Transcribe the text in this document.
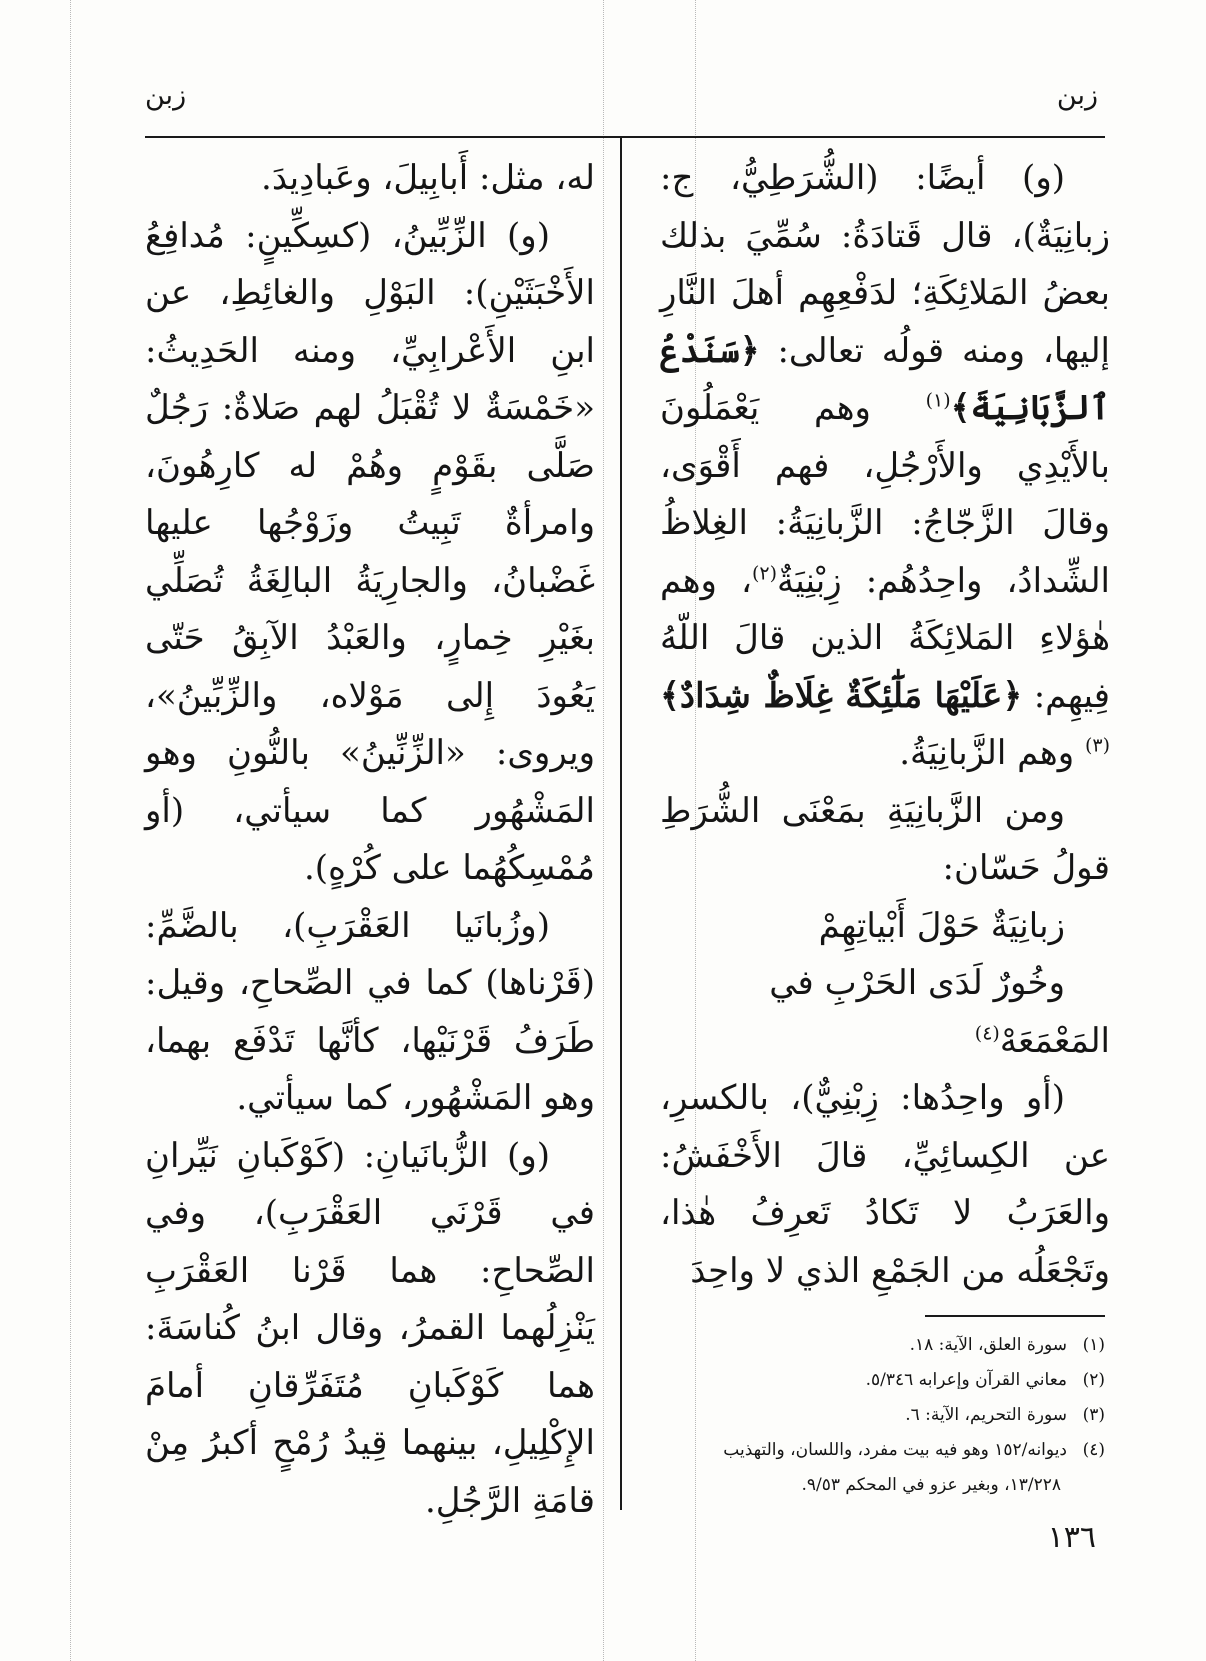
زبن
زبن

(و) أيضًا: (الشُّرَطِيُّ، ج: زبانِيَةٌ)، قال قَتادَةُ: سُمِّيَ بذلك بعضُ المَلائِكَةِ؛ لدَفْعِهِم أهلَ النَّارِ إليها، ومنه قولُه تعالى: ﴿سَنَدْعُ ٱلزَّبَانِيَةَ﴾$^{(١)}$ وهم يَعْمَلُونَ بالأَيْدِي والأَرْجُلِ، فهم أَقْوَى، وقالَ الزَّجّاجُ: الزَّبانِيَةُ: الغِلاظُ الشِّدادُ، واحِدُهُم: زِبْنِيَةٌ$^{(٢)}$، وهم هٰؤلاءِ المَلائِكَةُ الذين قالَ اللّهُ فِيهِم: ﴿عَلَيْهَا مَلَٰٓئِكَةٌ غِلَاظٌ شِدَادٌ﴾$^{(٣)}$ وهم الزَّبانِيَةُ.

ومن الزَّبانِيَةِ بمَعْنَى الشُّرَطِ قولُ حَسّان:

زبانِيَةٌ حَوْلَ أَبْياتِهِمْ

وخُورٌ لَدَى الحَرْبِ في المَعْمَعَهْ$^{(٤)}$

(أو واحِدُها: زِبْنِيٌّ)، بالكسرِ، عن الكِسائِيِّ، قالَ الأَخْفَشُ: والعَرَبُ لا تَكادُ تَعرِفُ هٰذا، وتَجْعَلُه من الجَمْعِ الذي لا واحِدَ

له، مثل: أَبابِيلَ، وعَبادِيدَ.

(و) الزِّبِّينُ، (كسِكِّينٍ: مُدافِعُ الأَخْبَثَيْنِ): البَوْلِ والغائِطِ، عن ابنِ الأَعْرابِيِّ، ومنه الحَدِيثُ: «خَمْسَةٌ لا تُقْبَلُ لهم صَلاةٌ: رَجُلٌ صَلَّى بقَوْمٍ وهُمْ له كارِهُونَ، وامرأةٌ تَبِيتُ وزَوْجُها عليها غَضْبانُ، والجارِيَةُ البالِغَةُ تُصَلِّي بغَيْرِ خِمارٍ، والعَبْدُ الآبِقُ حَتّى يَعُودَ إِلى مَوْلاه، والزِّبِّينُ»، ويروى: «الزِّنِّينُ» بالنُّونِ وهو المَشْهُور كما سيأتي، (أو مُمْسِكُهُما على كُرْهٍ).

(وزُبانَيا العَقْرَبِ)، بالضَّمِّ: (قَرْناها) كما في الصِّحاحِ، وقيل: طَرَفُ قَرْنَيْها، كأنَّها تَدْفَع بهما، وهو المَشْهُور، كما سيأتي.

(و) الزُّبانَيانِ: (كَوْكَبانِ نَيِّرانِ في قَرْنَي العَقْرَبِ)، وفي الصِّحاحِ: هما قَرْنا العَقْرَبِ يَنْزِلُهما القمرُ، وقال ابنُ كُناسَةَ: هما كَوْكَبانِ مُتَفَرِّقانِ أمامَ الإِكْلِيلِ، بينهما قِيدُ رُمْحٍ أكبرُ مِنْ قامَةِ الرَّجُلِ.

(١)سورة العلق، الآية: ١٨.
(٢)معاني القرآن وإعرابه ٥/٣٤٦.
(٣)سورة التحريم، الآية: ٦.
(٤)ديوانه/١٥٢ وهو فيه بيت مفرد، واللسان، والتهذيب
١٣/٢٢٨، وبغير عزو في المحكم ٩/٥٣.
١٣٦
